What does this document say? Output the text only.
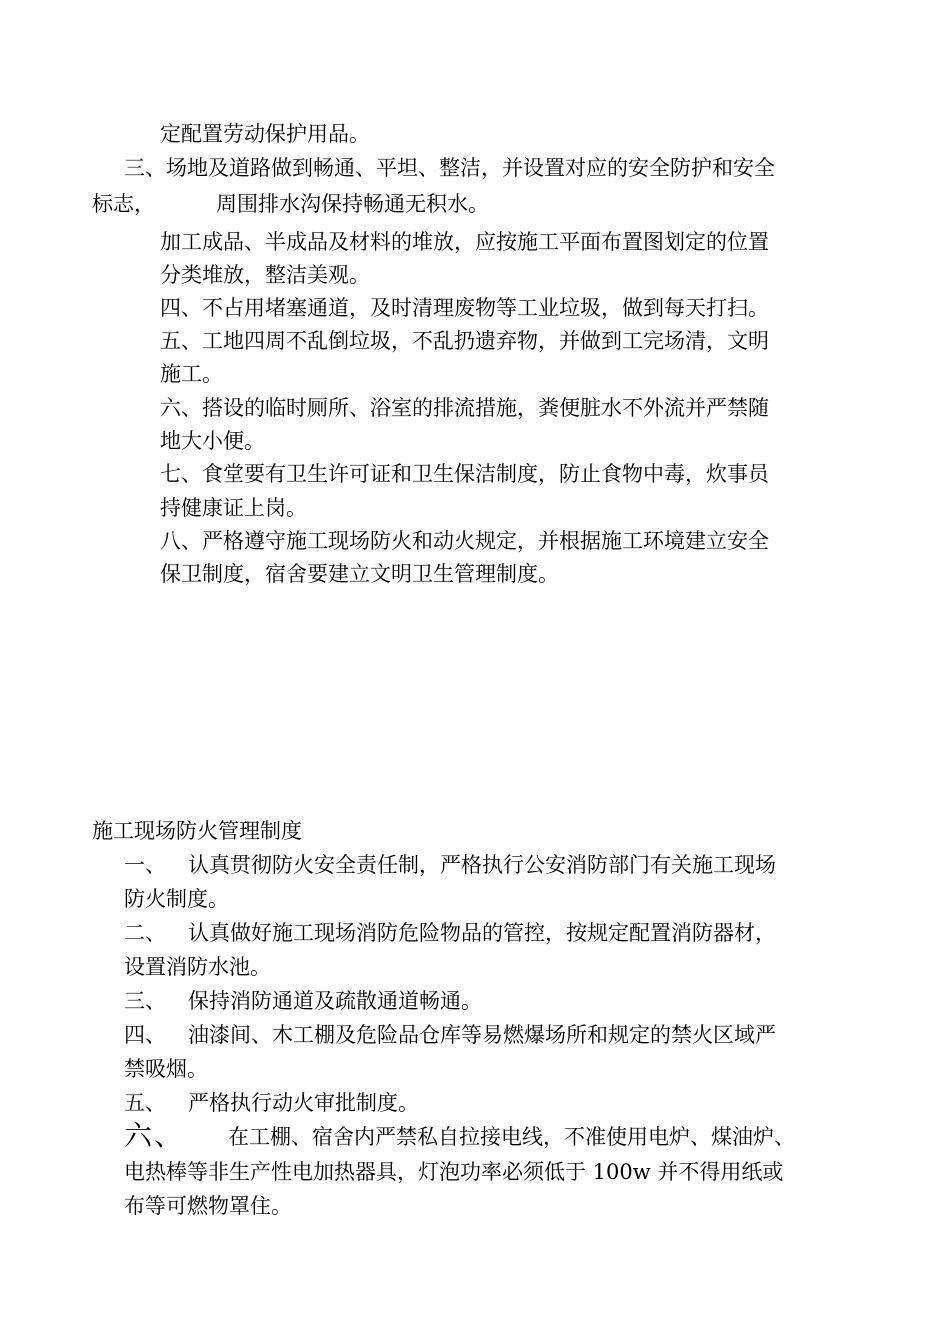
定配置劳动保护用品。
三、场地及道路做到畅通、平坦、整洁，并设置对应的安全防护和安全
标志，	周围排水沟保持畅通无积水。
加工成品、半成品及材料的堆放，应按施工平面布置图划定的位置
分类堆放，整洁美观。
四、不占用堵塞通道，及时清理废物等工业垃圾，做到每天打扫。
五、工地四周不乱倒垃圾，不乱扔遗弃物，并做到工完场清，文明
施工。
六、搭设的临时厕所、浴室的排流措施，粪便脏水不外流并严禁随
地大小便。
七、食堂要有卫生许可证和卫生保洁制度，防止食物中毒，炊事员
持健康证上岗。
八、严格遵守施工现场防火和动火规定，并根据施工环境建立安全
保卫制度，宿舍要建立文明卫生管理制度。
施工现场防火管理制度
一、 认真贯彻防火安全责任制，严格执行公安消防部门有关施工现场
防火制度。
二、 认真做好施工现场消防危险物品的管控，按规定配置消防器材，
设置消防水池。
三、 保持消防通道及疏散通道畅通。
四、 油漆间、木工棚及危险品仓库等易燃爆场所和规定的禁火区域严
禁吸烟。
五、 严格执行动火审批制度。
六、 在工棚、宿舍内严禁私自拉接电线，不准使用电炉、煤油炉、
电热棒等非生产性电加热器具，灯泡功率必须低于 100w 并不得用纸或
布等可燃物罩住。
